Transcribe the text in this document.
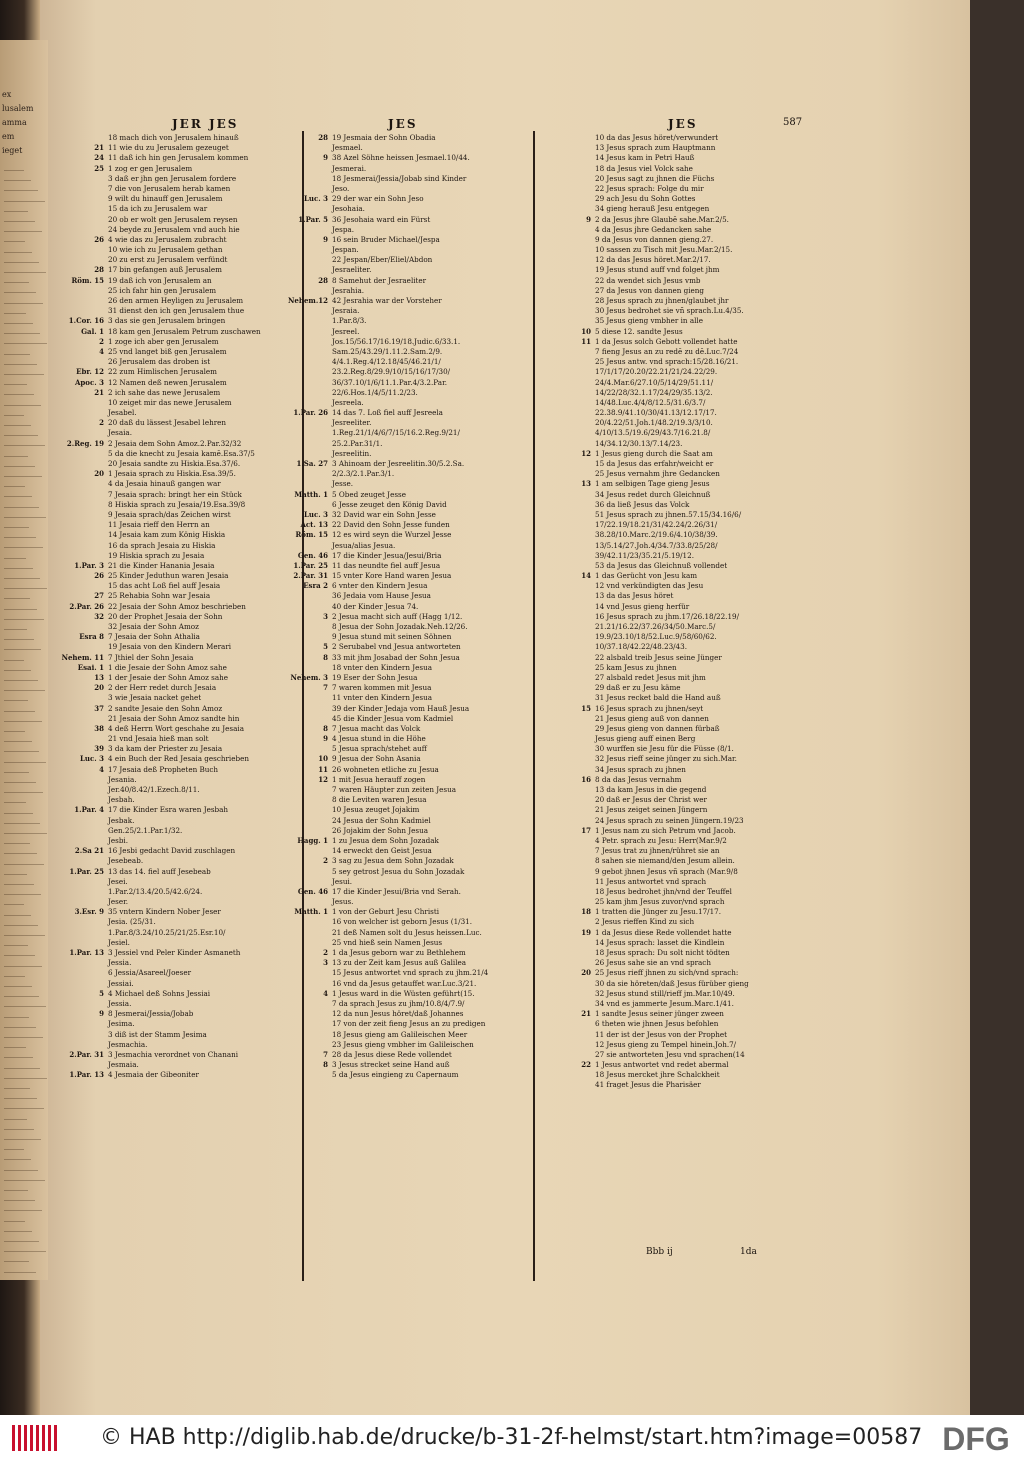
JER JES	JES	JES	587
18 mach dich von Jerusalem hinauß
21 11 wie du zu Jerusalem gezeuget
24 11 daß ich hin gen Jerusalem kommen
25 1 zog er gen Jerusalem
3 daß er jhn gen Jerusalem fordere
7 die von Jerusalem herab kamen
9 wilt du hinauff gen Jerusalem
15 da ich zu Jerusalem war
20 ob er wolt gen Jerusalem reysen
24 beyde zu Jerusalem vnd auch hie
26 4 wie das zu Jerusalem zubracht
10 wie ich zu Jerusalem gethan
20 zu erst zu Jerusalem verfündt
28 17 bin gefangen auß Jerusalem
Röm. 15 19 daß ich von Jerusalem an
25 ich fahr hin gen Jerusalem
26 den armen Heyligen zu Jerusalem
31 dienst den ich gen Jerusalem thue
1.Cor. 16 3 das sie gen Jerusalem bringen
Gal. 1 18 kam gen Jerusalem Petrum zuschawen
2 1 zoge ich aber gen Jerusalem
4 25 vnd langet biß gen Jerusalem
26 Jerusalem das droben ist
Ebr. 12 22 zum Himlischen Jerusalem
Apoc. 3 12 Namen deß newen Jerusalem
21 2 ich sahe das newe Jerusalem
10 zeiget mir das newe Jerusalem
Jesabel.
2 20 daß du lässest Jesabel lehren
Jesaia.
2.Reg. 19 2 Jesaia dem Sohn Amoz.2.Par.32/32
5 da die knecht zu Jesaia kamē.Esa.37/5
20 Jesaia sandte zu Hiskia.Esa.37/6.
20 1 Jesaia sprach zu Hiskia.Esa.39/5.
4 da Jesaia hinauß gangen war
7 Jesaia sprach: bringt her ein Stück
8 Hiskia sprach zu Jesaia/19.Esa.39/8
9 Jesaia sprach/das Zeichen wirst
11 Jesaia rieff den Herrn an
14 Jesaia kam zum König Hiskia
16 da sprach Jesaia zu Hiskia
19 Hiskia sprach zu Jesaia
1.Par. 3 21 die Kinder Hanania Jesaia
26 25 Kinder Jeduthun waren Jesaia
15 das acht Loß fiel auff Jesaia
27 25 Rehabia Sohn war Jesaia
2.Par. 26 22 Jesaia der Sohn Amoz beschrieben
32 20 der Prophet Jesaia der Sohn
32 Jesaia der Sohn Amoz
Esra 8 7 Jesaia der Sohn Athalia
19 Jesaia von den Kindern Merari
Nehem. 11 7 Jthiel der Sohn Jesaia
Esai. 1 1 die Jesaie der Sohn Amoz sahe
13 1 der Jesaie der Sohn Amoz sahe
20 2 der Herr redet durch Jesaia
3 wie Jesaia nacket gehet
37 2 sandte Jesaie den Sohn Amoz
21 Jesaia der Sohn Amoz sandte hin
38 4 deß Herrn Wort geschahe zu Jesaia
21 vnd Jesaia hieß man solt
39 3 da kam der Priester zu Jesaia
Luc. 3 4 ein Buch der Red Jesaia geschrieben
4 17 Jesaia deß Propheten Buch
Jesania.
Jer.40/8.42/1.Ezech.8/11.
Jesbah.
1.Par. 4 17 die Kinder Esra waren Jesbah
Jesbak.
Gen.25/2.1.Par.1/32.
Jesbi.
2.Sa 21 16 Jesbi gedacht David zuschlagen
Jesebeab.
1.Par. 25 13 das 14. fiel auff Jesebeab
Jesei.
1.Par.2/13.4/20.5/42.6/24.
Jeser.
3.Esr. 9 35 vntern Kindern Nober Jeser
Jesia. (25/31.
1.Par.8/3.24/10.25/21/25.Esr.10/
Jesiel.
1.Par. 13 3 Jessiel vnd Peler Kinder Asmaneth
Jessia.
6 Jessia/Asareel/Joeser
Jessiai.
5 4 Michael deß Sohns Jessiai
Jessia.
9 8 Jesmerai/Jessia/Jobab
Jesima.
3 diß ist der Stamm Jesima
Jesmachia.
2.Par. 31 3 Jesmachia verordnet von Chanani
Jesmaia.
1.Par. 13 4 Jesmaia der Gibeoniter
28 19 Jesmaia der Sohn Obadia
Jesmael.
9 38 Azel Söhne heissen Jesmael.10/44.
Jesmerai.
18 Jesmerai/Jessia/Jobab sind Kinder
Jeso.
Luc. 3 29 der war ein Sohn Jeso
Jesohaia.
1.Par. 5 36 Jesohaia ward ein Fürst
Jespa.
9 16 sein Bruder Michael/Jespa
Jespan.
22 Jespan/Eber/Eliel/Abdon
Jesraeliter.
28 8 Samehut der Jesraeliter
Jesrahia.
Nehem.12 42 Jesrahia war der Vorsteher
Jesraia.
1.Par.8/3.
Jesreel.
Jos.15/56.17/16.19/18.Judic.6/33.1.
Sam.25/43.29/1.11.2.Sam.2/9.
4/4.1.Reg.4/12.18/45/46.21/1/
23.2.Reg.8/29.9/10/15/16/17/30/
36/37.10/1/6/11.1.Par.4/3.2.Par.
22/6.Hos.1/4/5/11.2/23.
Jesreela.
1.Par. 26 14 das 7. Loß fiel auff Jesreela
Jesreeliter.
1.Reg.21/1/4/6/7/15/16.2.Reg.9/21/
25.2.Par.31/1.
Jesreelitin.
1.Sa. 27 3 Ahinoam der Jesreelitin.30/5.2.Sa.
2/2.3/2.1.Par.3/1.
Jesse.
Matth. 1 5 Obed zeuget Jesse
6 Jesse zeuget den König David
Luc. 3 32 David war ein Sohn Jesse
Act. 13 22 David den Sohn Jesse funden
Röm. 15 12 es wird seyn die Wurzel Jesse
Jesua/alias Jesua.
Gen. 46 17 die Kinder Jesua/Jesui/Bria
1.Par. 25 11 das neundte fiel auff Jesua
2.Par. 31 15 vnter Kore Hand waren Jesua
Esra 2 6 vnter den Kindern Jesua
36 Jedaia vom Hause Jesua
40 der Kinder Jesua 74.
3 2 Jesua macht sich auff (Hagg 1/12.
8 Jesua der Sohn Jozadak.Neh.12/26.
9 Jesua stund mit seinen Söhnen
5 2 Serubabel vnd Jesua antworteten
8 33 mit jhm Josabad der Sohn Jesua
18 vnter den Kindern Jesua
Nehem. 3 19 Eser der Sohn Jesua
7 7 waren kommen mit Jesua
11 vnter den Kindern Jesua
39 der Kinder Jedaja vom Hauß Jesua
45 die Kinder Jesua vom Kadmiel
8 7 Jesua macht das Volck
9 4 Jesua stund in die Höhe
5 Jesua sprach/stehet auff
10 9 Jesua der Sohn Asania
11 26 wohneten etliche zu Jesua
12 1 mit Jesua herauff zogen
7 waren Häupter zun zeiten Jesua
8 die Leviten waren Jesua
10 Jesua zeuget Jojakim
24 Jesua der Sohn Kadmiel
26 Jojakim der Sohn Jesua
Hagg. 1 1 zu Jesua dem Sohn Jozadak
14 erweckt den Geist Jesua
2 3 sag zu Jesua dem Sohn Jozadak
5 sey getrost Jesua du Sohn Jozadak
Jesui.
Gen. 46 17 die Kinder Jesui/Bria vnd Serah.
Jesus.
Matth. 1 1 von der Geburt Jesu Christi
16 von welcher ist geborn Jesus (1/31.
21 deß Namen solt du Jesus heissen.Luc.
25 vnd hieß sein Namen Jesus
2 1 da Jesus geborn war zu Bethlehem
3 13 zu der Zeit kam Jesus auß Galilea
15 Jesus antwortet vnd sprach zu jhm.21/4
16 vnd da Jesus getauffet war.Luc.3/21.
4 1 Jesus ward in die Wüsten geführt(15.
7 da sprach Jesus zu jhm/10.8/4/7.9/
12 da nun Jesus höret/daß Johannes
17 von der zeit fieng Jesus an zu predigen
18 Jesus gieng am Galileischen Meer
23 Jesus gieng vmbher im Galileischen
7 28 da Jesus diese Rede vollendet
8 3 Jesus strecket seine Hand auß
5 da Jesus eingieng zu Capernaum
10 da das Jesus höret/verwundert
13 Jesus sprach zum Hauptmann
14 Jesus kam in Petri Hauß
18 da Jesus viel Volck sahe
20 Jesus sagt zu jhnen die Füchs
22 Jesus sprach: Folge du mir
29 ach Jesu du Sohn Gottes
34 gieng herauß Jesu entgegen
9 2 da Jesus jhre Glaubē sahe.Mar.2/5.
4 da Jesus jhre Gedancken sahe
9 da Jesus von dannen gieng.27.
10 sassen zu Tisch mit Jesu.Mar.2/15.
12 da das Jesus höret.Mar.2/17.
19 Jesus stund auff vnd folget jhm
22 da wendet sich Jesus vmb
27 da Jesus von dannen gieng
28 Jesus sprach zu jhnen/glaubet jhr
30 Jesus bedrohet sie vñ sprach.Lu.4/35.
35 Jesus gieng vmbher in alle
10 5 diese 12. sandte Jesus
11 1 da Jesus solch Gebott vollendet hatte
7 fieng Jesus an zu redē zu dē.Luc.7/24
25 Jesus antw. vnd sprach:15/28.16/21.
17/1/17/20.20/22.21/21/24.22/29.
24/4.Mar.6/27.10/5/14/29/51.11/
14/22/28/32.1.17/24/29/35.13/2.
14/48.Luc.4/4/8/12.5/31.6/3.7/
22.38.9/41.10/30/41.13/12.17/17.
20/4.22/51.Joh.1/48.2/19.3/3/10.
4/10/13.5/19.6/29/43.7/16.21.8/
14/34.12/30.13/7.14/23.
12 1 Jesus gieng durch die Saat am
15 da Jesus das erfahr/weicht er
25 Jesus vernahm jhre Gedancken
13 1 am selbigen Tage gieng Jesus
34 Jesus redet durch Gleichnuß
36 da ließ Jesus das Volck
51 Jesus sprach zu jhnen.57.15/34.16/6/
17/22.19/18.21/31/42.24/2.26/31/
38.28/10.Marc.2/19.6/4.10/38/39.
13/5.14/27.Joh.4/34.7/33.8/25/28/
39/42.11/23/35.21/5.19/12.
53 da Jesus das Gleichnuß vollendet
14 1 das Gerücht von Jesu kam
12 vnd verkündigten das Jesu
13 da das Jesus höret
14 vnd Jesus gieng herfür
16 Jesus sprach zu jhm.17/26.18/22.19/
21.21/16.22/37.26/34/50.Marc.5/
19.9/23.10/18/52.Luc.9/58/60/62.
10/37.18/42.22/48.23/43.
22 alsbald treib Jesus seine Jünger
25 kam Jesus zu jhnen
27 alsbald redet Jesus mit jhm
29 daß er zu Jesu käme
31 Jesus recket bald die Hand auß
15 16 Jesus sprach zu jhnen/seyt
21 Jesus gieng auß von dannen
29 Jesus gieng von dannen fürbaß
Jesus gieng auff einen Berg
30 wurffen sie Jesu für die Füsse (8/1.
32 Jesus rieff seine jünger zu sich.Mar.
34 Jesus sprach zu jhnen
16 8 da das Jesus vernahm
13 da kam Jesus in die gegend
20 daß er Jesus der Christ wer
21 Jesus zeiget seinen Jüngern
24 Jesus sprach zu seinen Jüngern.19/23
17 1 Jesus nam zu sich Petrum vnd Jacob.
4 Petr. sprach zu Jesu: Herr(Mar.9/2
7 Jesus trat zu jhnen/rühret sie an
8 sahen sie niemand/den Jesum allein.
9 gebot jhnen Jesus vñ sprach (Mar.9/8
11 Jesus antwortet vnd sprach
18 Jesus bedrohet jhn/vnd der Teuffel
25 kam jhm Jesus zuvor/vnd sprach
18 1 tratten die Jünger zu Jesu.17/17.
2 Jesus rieffen Kind zu sich
19 1 da Jesus diese Rede vollendet hatte
14 Jesus sprach: lasset die Kindlein
18 Jesus sprach: Du solt nicht tödten
26 Jesus sahe sie an vnd sprach
20 25 Jesus rieff jhnen zu sich/vnd sprach:
30 da sie höreten/daß Jesus fürüber gieng
32 Jesus stund still/rieff jm.Mar.10/49.
34 vnd es jammerte Jesum.Marc.1/41.
21 1 sandte Jesus seiner jünger zween
6 theten wie jhnen Jesus befohlen
11 der ist der Jesus von der Prophet
12 Jesus gieng zu Tempel hinein.Joh.7/
27 sie antworteten Jesu vnd sprachen(14
22 1 Jesus antwortet vnd redet abermal
18 Jesus mercket jhre Schalckheit
41 fraget Jesus die Pharisäer
Bbb ij	1da
ex
lusalem
amma
em
ieget
© HAB http://diglib.hab.de/drucke/b-31-2f-helmst/start.htm?image=00587 DFG
